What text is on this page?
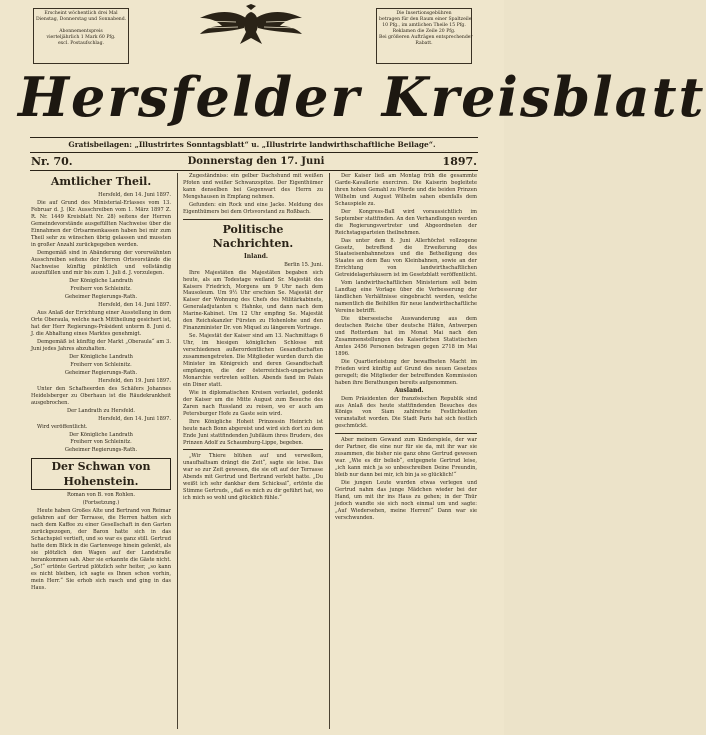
Erscheint wöchentlich drei Mal
Dienstag, Donnerstag und Sonnabend.

Abonnementspreis
vierteljährlich 1 Mark 60 Pfg.
excl. Postaufschlag.
Die Insertionsgebühren
betragen für den Raum einer Spaltzeile
10 Pfg., im amtlichen Theile 15 Pfg.
Reklamen die Zeile 20 Pfg.
Bei größeren Aufträgen entsprechender
Rabatt.
Hersfelder Kreisblatt
Gratisbeilagen: „Illustrirtes Sonntagsblatt“ u. „Illustrirte landwirthschaftliche Beilage“.
Nr. 70.	Donnerstag den 17. Juni	1897.
Amtlicher Theil.

Hersfeld, den 14. Juni 1897.

Die auf Grund des Ministerial-Erlasses vom 13. Februar d. J. (Kr. Ausschreiben vom 1. März 1897 Z. R. Nr. 1449 Kreisblatt Nr. 28) seitens der Herren Gemeindevorstände ausgefüllten Nachweise über die Einnahmen der Ortsarmenkassen haben bei mir zum Theil sehr zu wünschen übrig gelassen und mussten in großer Anzahl zurückgegeben werden.

Demgemäß sind in Abänderung der vorerwähnten Ausschreiben seitens der Herren Ortsvorstände die Nachweise künftig pünktlich und vollständig auszufüllen und mir bis zum 1. Juli d. J. vorzulegen.

Der Königliche Landrath

Freiherr von Schleinitz.

Geheimer Regierungs-Rath.

Hersfeld, den 14. Juni 1897.

Aus Anlaß der Errichtung einer Ausstellung in dem Orte Oberaula, welche nach Mittheilung gesichert ist, hat der Herr Regierungs-Präsident unterm 8. Juni d. J. die Abhaltung eines Marktes genehmigt.

Demgemäß ist künftig der Markt „Oberaula“ am 3. Juni jedes Jahres abzuhalten.

Der Königliche Landrath

Freiherr von Schleinitz.

Geheimer Regierungs-Rath.

Hersfeld, den 19. Juni 1897.

Unter den Schafheerden des Schäfers Johannes Heidelsberger zu Oberhaun ist die Räudekrankheit ausgebrochen.

Der Landrath zu Hersfeld.

Hersfeld, den 14. Juni 1897.

Wird veröffentlicht.

Der Königliche Landrath

Freiherr von Schleinitz.

Geheimer Regierungs-Rath.

Der Schwan von Hohenstein.

Roman von B. von Rohlen.

(Fortsetzung.)

Heute haben Großes Alte und Bertrand von Reimar gefahren auf der Terrasse, die Herren hatten sich nach dem Kaffee zu einer Gesellschaft in den Garten zurückgezogen, der Baron hatte sich in das Schachspiel vertieft, und so war es ganz still. Gertrud hatte dem Blick in die Gartenwege hinein gelenkt, als sie plötzlich den Wagen auf der Landstraße herankommen sah. Aber sie erkannte die Gäste nicht. „So!“ ertönte Gertrud plötzlich sehr heiter, „so kann es nicht bleiben, ich sagte es Ihnen schon vorhin, mein Herr.“ Sie erhob sich rasch und ging in das Haus.

Zugeständniss: ein gelber Dachshund mit weißen Pfoten und weißer Schwanzspitze. Der Eigenthümer kann denselben bei Gegenwart des Herrn zu Mengshausen in Empfang nehmen.

Gefunden: ein Rock und eine Jacke. Meldung des Eigenthümers bei dem Ortsvorstand zu Roßbach.

Politische Nachrichten.

Inland.

Berlin 15. Juni.

Ihre Majestäten die Majestäten begaben sich heute, als am Todestage weiland Sr. Majestät des Kaisers Friedrich, Morgens um 9 Uhr nach dem Mausoleum. Um 9½ Uhr erschien Se. Majestät der Kaiser der Wohnung des Chefs des Militärkabinets, Generaladjutanten v. Hahnke, und dann nach dem Marine-Kabinet. Um 12 Uhr empfing Se. Majestät den Reichskanzler Fürsten zu Hohenlohe und den Finanzminister Dr. von Miquel zu längerem Vortrage.

Se. Majestät der Kaiser sind am 13. Nachmittags 6 Uhr, im hiesigen königlichen Schlosse mit verschiedenen außerordentlichen Gesandtschaften zusammengetreten. Die Mitglieder wurden durch die Minister im Königreich und deren Gesandtschaft empfangen, die der österreichisch-ungarischen Monarchie vertreten sollten. Abends fand im Palais ein Diner statt.

Wie in diplomatischen Kreisen verlautet, gedenkt der Kaiser um die Mitte August zum Besuche des Zaren nach Russland zu reisen, wo er auch am Petersburger Hofe zu Gaste sein wird.

Ihre Königliche Hoheit Prinzessin Heinrich ist heute nach Bonn abgereist und wird sich dort zu dem Ende Juni stattfindenden Jubiläum ihres Bruders, des Prinzen Adolf zu Schaumburg-Lippe, begeben.

„Wir Thiere blühen auf und verwelken, unaufhaltsam drängt die Zeit“, sagte sie leise. Das war so zur Zeit gewesen, die sie oft auf der Terrasse Abends mit Gertrud und Bertrand verlebt hatte. „Du weißt ich sehr dankbar dem Schicksal“, ertönte die Stimme Gertruds, „daß es mich zu dir geführt hat, wo ich mich so wohl und glücklich fühle.“

Der Kaiser ließ am Montag früh die gesammte Garde-Kavallerie exerciren. Die Kaiserin begleitete ihren hohen Gemahl zu Pferde und die beiden Prinzen Wilhelm und August Wilhelm sahen ebenfalls dem Schauspiele zu.

Der Kongress-Ball wird voraussichtlich im September stattfinden. An den Verhandlungen werden die Regierungsvertreter und Abgeordneten der Reichstagsparteien theilnehmen.

Das unter dem 8. Juni Allerhöchst vollzogene Gesetz, betreffend die Erweiterung des Staatseisenbahnnetzes und die Betheiligung des Staates an dem Bau von Kleinbahnen, sowie an der Errichtung von landwirthschaftlichen Getreidelagerhäusern ist im Gesetzblatt veröffentlicht.

Vom landwirthschaftlichen Ministerium soll beim Landtag eine Vorlage über die Verbesserung der ländlichen Verhältnisse eingebracht werden, welche namentlich die Beihilfen für neue landwirthschaftliche Vereine betrifft.

Die überseeische Auswanderung aus dem deutschen Reiche über deutsche Häfen, Antwerpen und Rotterdam hat im Monat Mai nach den Zusammenstellungen des Kaiserlichen Statistischen Amtes 2456 Personen betragen gegen 2718 im Mai 1896.

Die Quartierleistung der bewaffneten Macht im Frieden wird künftig auf Grund des neuen Gesetzes geregelt; die Mitglieder der betreffenden Kommission haben ihre Berathungen bereits aufgenommen.

Ausland.

Dem Präsidenten der französischen Republik sind aus Anlaß des heute stattfindenden Besuches des Königs von Siam zahlreiche Festlichkeiten veranstaltet worden. Die Stadt Paris hat sich festlich geschmückt.

Aber meinem Gewand zum Kinderspiele, der war der Partner, die eine nur für sie da, mit ihr war sie zusammen, die bisher nie ganz ohne Gertrud gewesen war. „Wie es dir belieb“, entgegnete Gertrud leise, „ich kann mich ja so unbeschreiben Deine Freundin, bleib nur dann bei mir, ich bin ja so glücklich!“

Die jungen Leute wurden etwas verlegen und Gertrud nahm das junge Mädchen wieder bei der Hand, um mit ihr ins Haus zu gehen; in der Thür jedoch wandte sie sich noch einmal um und sagte: „Auf Wiedersehen, meine Herren!“ Dann war sie verschwunden.
